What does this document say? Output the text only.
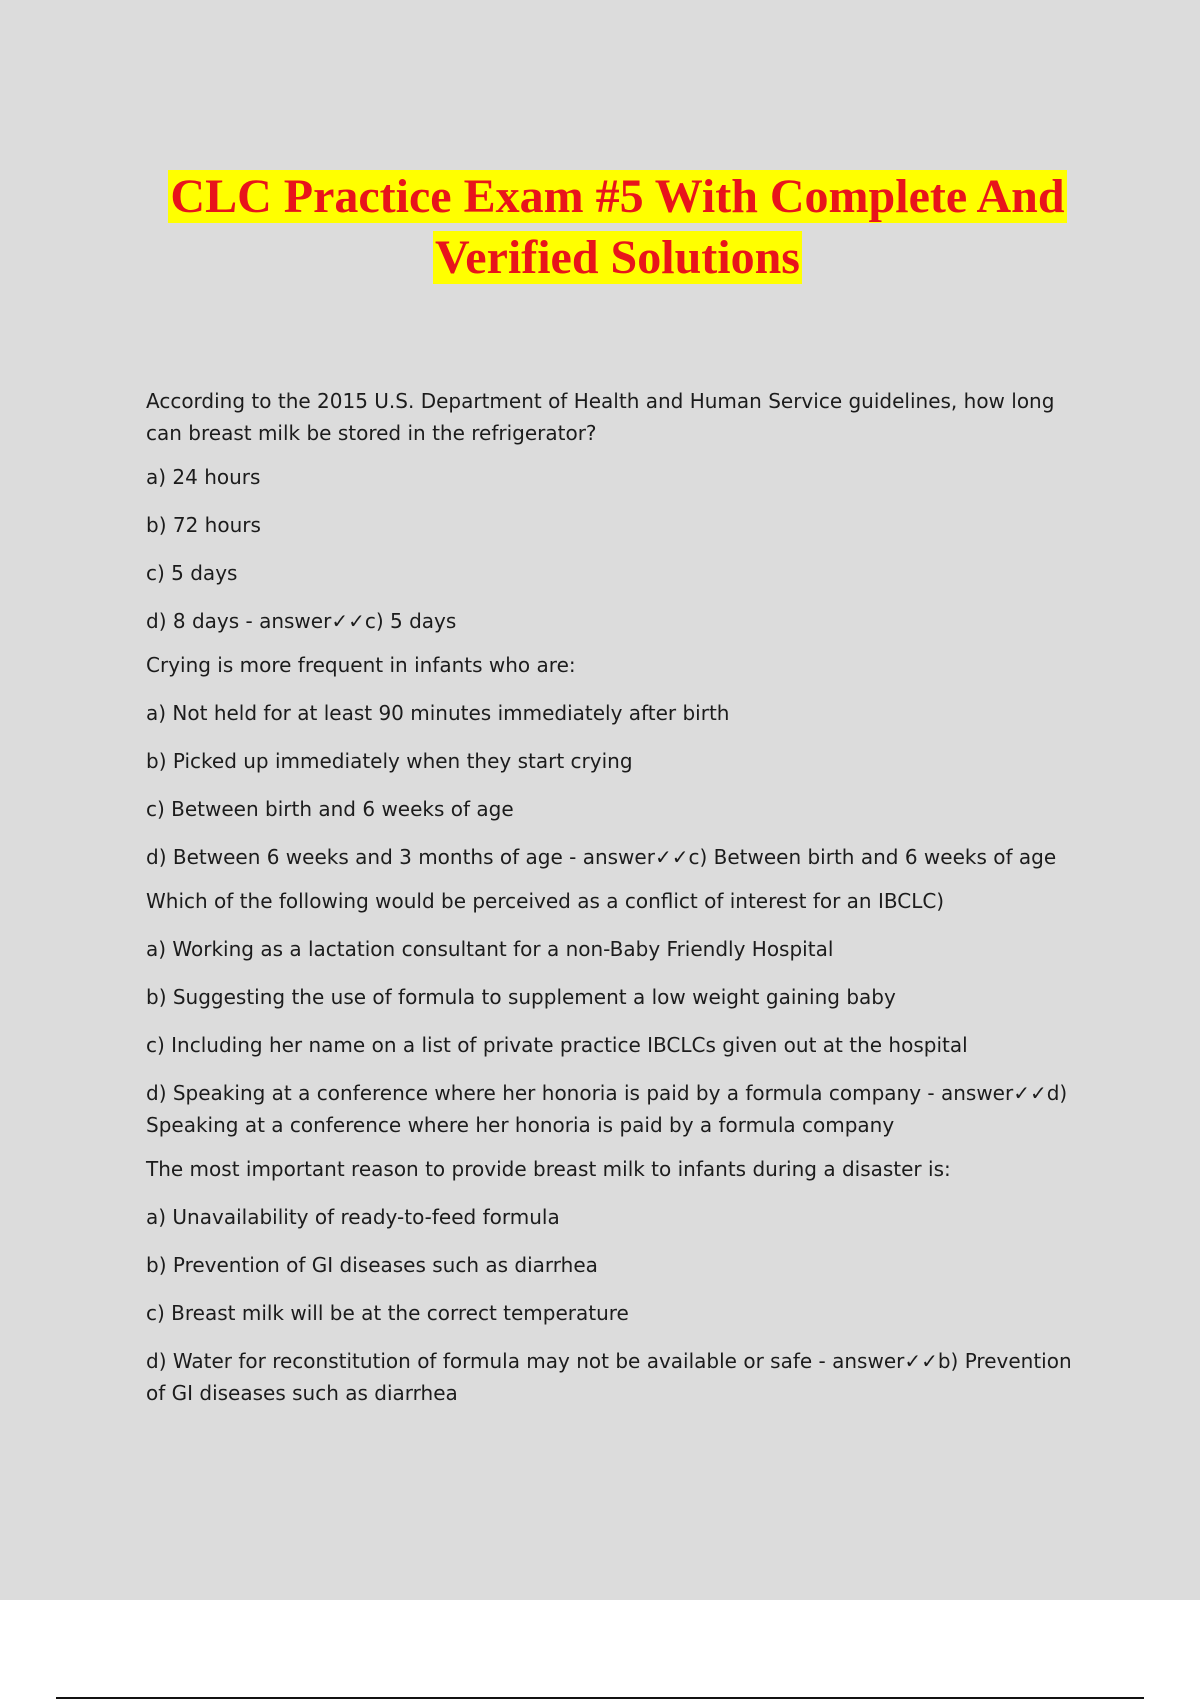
CLC Practice Exam #5 With Complete And
Verified Solutions
According to the 2015 U.S. Department of Health and Human Service guidelines, how long can breast milk be stored in the refrigerator?
a) 24 hours
b) 72 hours
c) 5 days
d) 8 days - answer✓✓c) 5 days
Crying is more frequent in infants who are:
a) Not held for at least 90 minutes immediately after birth
b) Picked up immediately when they start crying
c) Between birth and 6 weeks of age
d) Between 6 weeks and 3 months of age - answer✓✓c) Between birth and 6 weeks of age
Which of the following would be perceived as a conflict of interest for an IBCLC)
a) Working as a lactation consultant for a non-Baby Friendly Hospital
b) Suggesting the use of formula to supplement a low weight gaining baby
c) Including her name on a list of private practice IBCLCs given out at the hospital
d) Speaking at a conference where her honoria is paid by a formula company - answer✓✓d) Speaking at a conference where her honoria is paid by a formula company
The most important reason to provide breast milk to infants during a disaster is:
a) Unavailability of ready-to-feed formula
b) Prevention of GI diseases such as diarrhea
c) Breast milk will be at the correct temperature
d) Water for reconstitution of formula may not be available or safe - answer✓✓b) Prevention of GI diseases such as diarrhea
